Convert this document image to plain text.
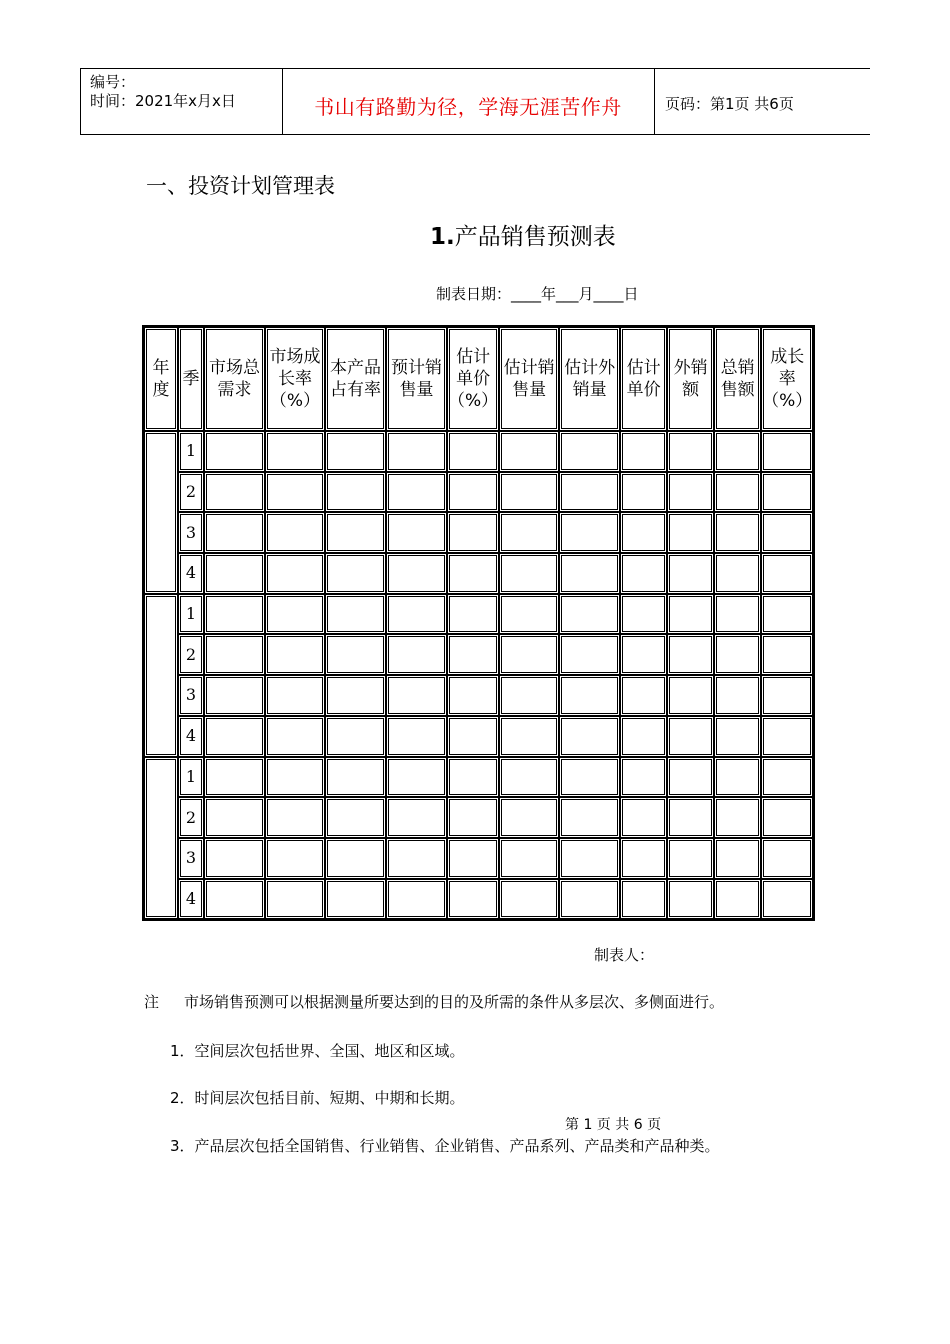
编号：
时间：2021年x月x日	书山有路勤为径，学海无涯苦作舟	页码：第1页 共6页
一、投资计划管理表
1.产品销售预测表
制表日期：____年___月____日
年度	季	市场总需求	市场成长率（%）	本产品占有率	预计销售量	估计单价（%）	估计销售量	估计外销量	估计单价	外销额	总销售额	成长率（%）
	1											
	2											
	3											
	4											
	1											
	2											
	3											
	4											
	1											
	2											
	3											
	4											
制表人：
注 市场销售预测可以根据测量所要达到的目的及所需的条件从多层次、多侧面进行。
1．空间层次包括世界、全国、地区和区域。
2．时间层次包括目前、短期、中期和长期。
3．产品层次包括全国销售、行业销售、企业销售、产品系列、产品类和产品种类。
第 1 页 共 6 页
